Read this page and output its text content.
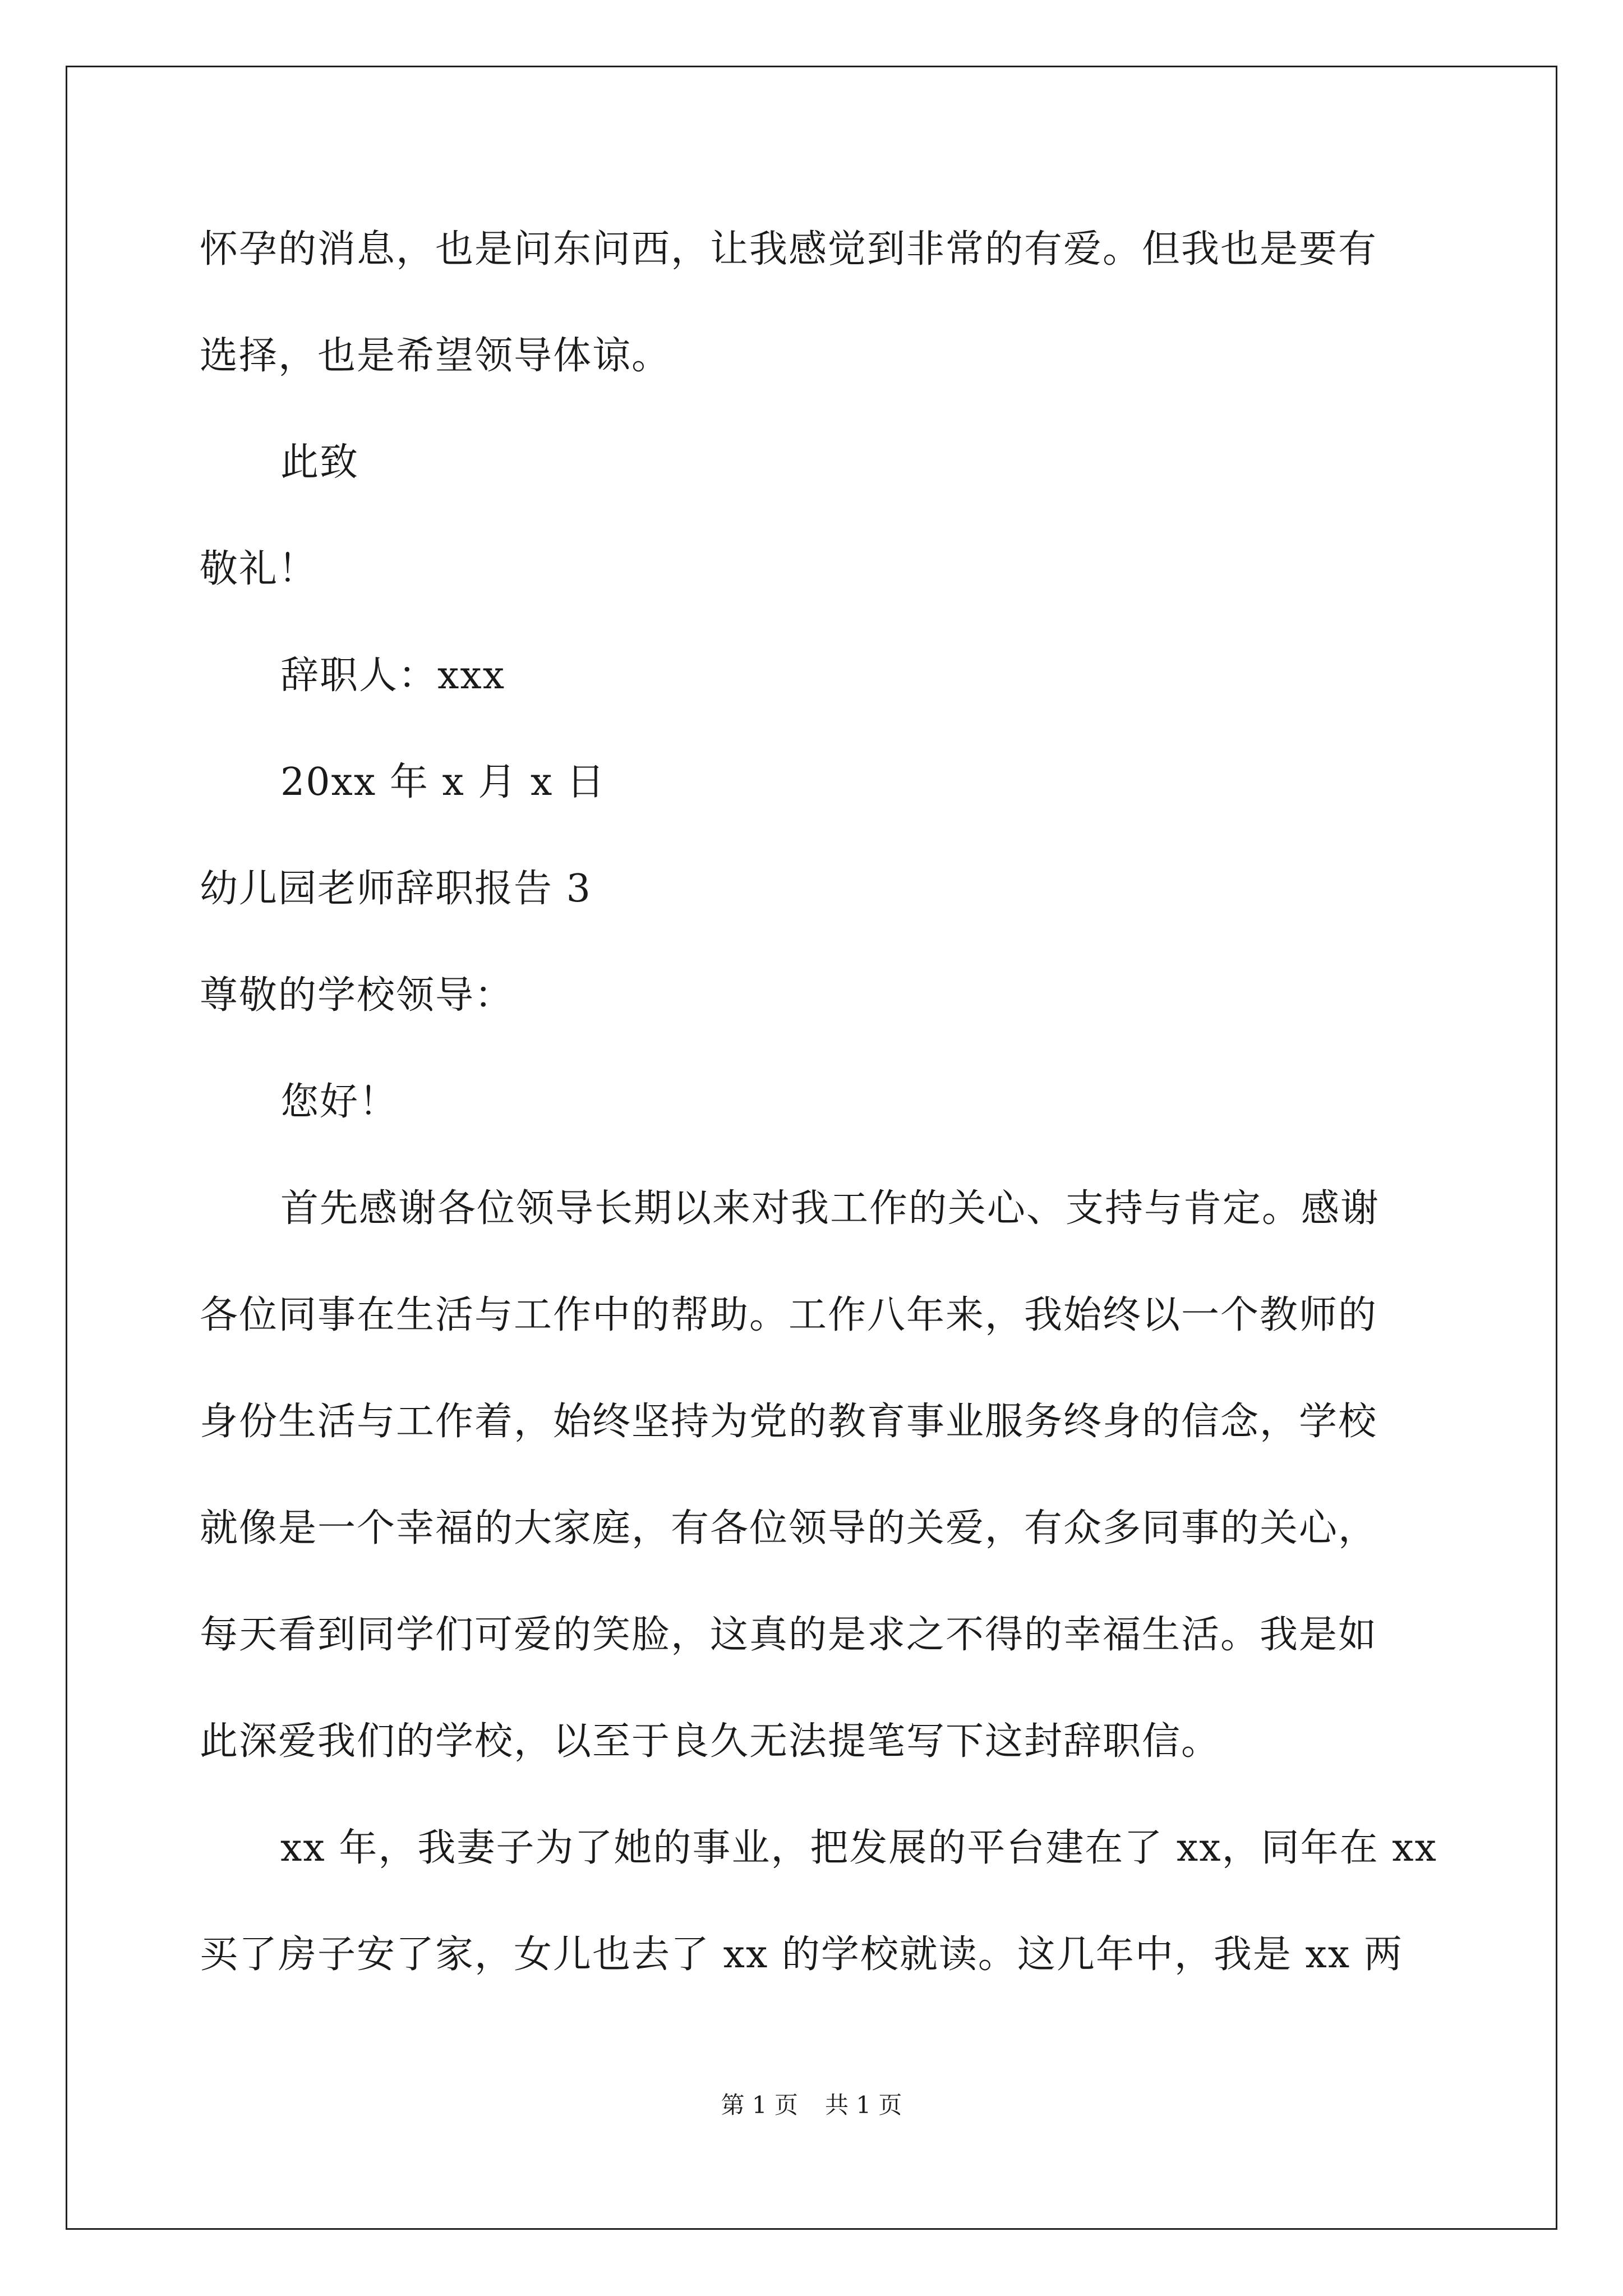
怀孕的消息，也是问东问西，让我感觉到非常的有爱。但我也是要有
选择，也是希望领导体谅。
此致
敬礼！
辞职人：xxx
20xx 年 x 月 x 日
幼儿园老师辞职报告 3
尊敬的学校领导：
您好！
首先感谢各位领导长期以来对我工作的关心、支持与肯定。感谢
各位同事在生活与工作中的帮助。工作八年来，我始终以一个教师的
身份生活与工作着，始终坚持为党的教育事业服务终身的信念，学校
就像是一个幸福的大家庭，有各位领导的关爱，有众多同事的关心，
每天看到同学们可爱的笑脸，这真的是求之不得的幸福生活。我是如
此深爱我们的学校，以至于良久无法提笔写下这封辞职信。
xx 年，我妻子为了她的事业，把发展的平台建在了 xx，同年在 xx
买了房子安了家，女儿也去了 xx 的学校就读。这几年中，我是 xx 两
第 1 页 共 1 页
